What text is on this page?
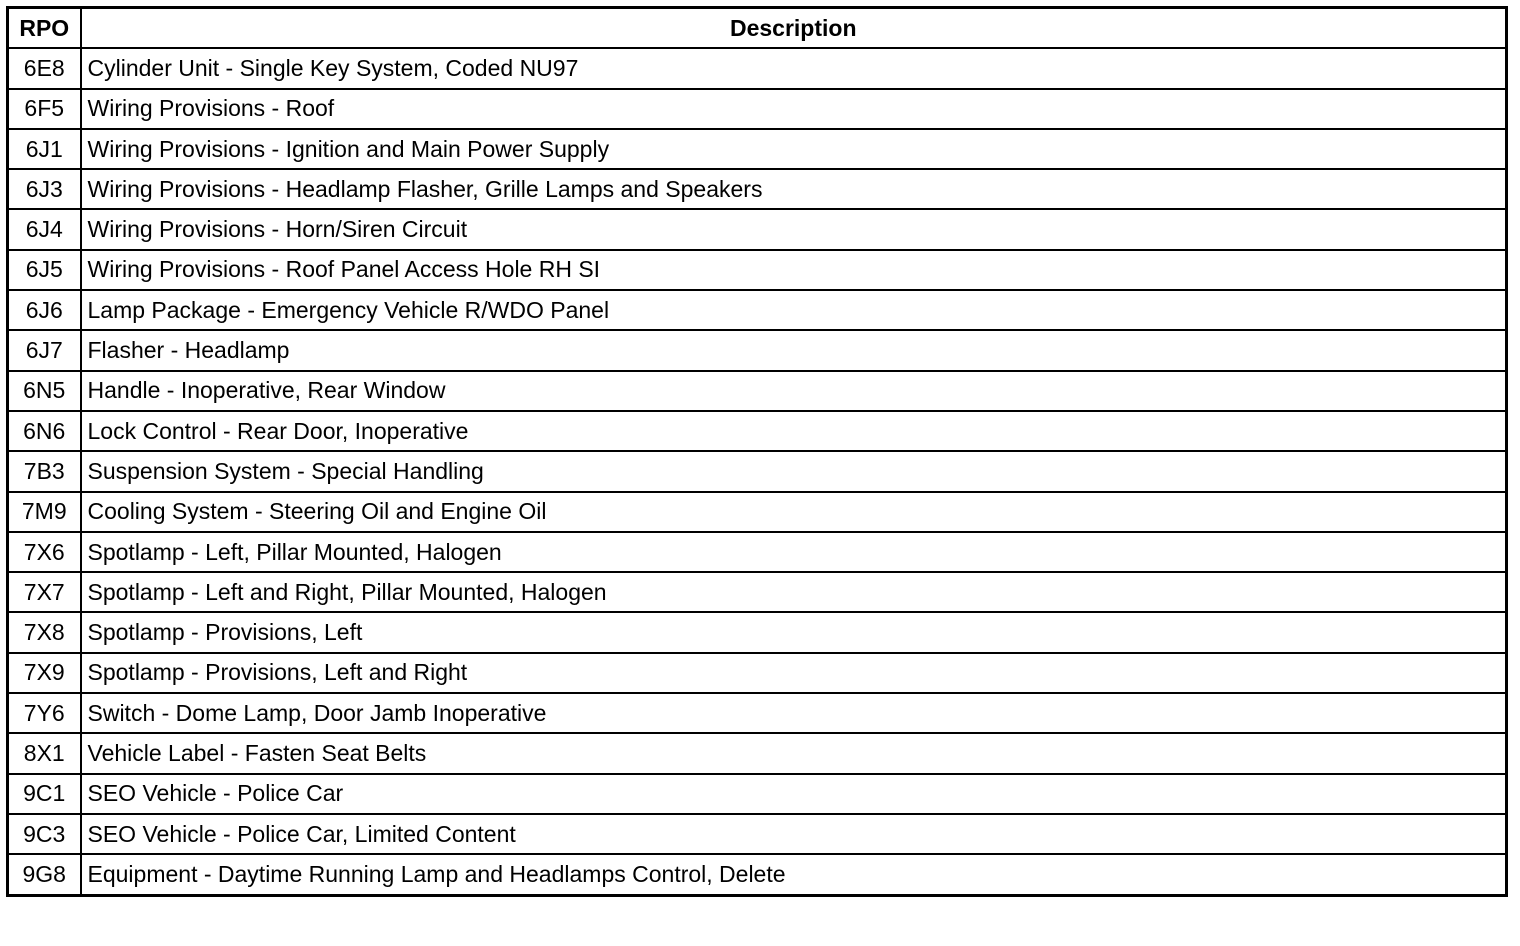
RPO	Description
6E8	Cylinder Unit - Single Key System, Coded NU97
6F5	Wiring Provisions - Roof
6J1	Wiring Provisions - Ignition and Main Power Supply
6J3	Wiring Provisions - Headlamp Flasher, Grille Lamps and Speakers
6J4	Wiring Provisions - Horn/Siren Circuit
6J5	Wiring Provisions - Roof Panel Access Hole RH SI
6J6	Lamp Package - Emergency Vehicle R/WDO Panel
6J7	Flasher - Headlamp
6N5	Handle - Inoperative, Rear Window
6N6	Lock Control - Rear Door, Inoperative
7B3	Suspension System - Special Handling
7M9	Cooling System - Steering Oil and Engine Oil
7X6	Spotlamp - Left, Pillar Mounted, Halogen
7X7	Spotlamp - Left and Right, Pillar Mounted, Halogen
7X8	Spotlamp - Provisions, Left
7X9	Spotlamp - Provisions, Left and Right
7Y6	Switch - Dome Lamp, Door Jamb Inoperative
8X1	Vehicle Label - Fasten Seat Belts
9C1	SEO Vehicle - Police Car
9C3	SEO Vehicle - Police Car, Limited Content
9G8	Equipment - Daytime Running Lamp and Headlamps Control, Delete
